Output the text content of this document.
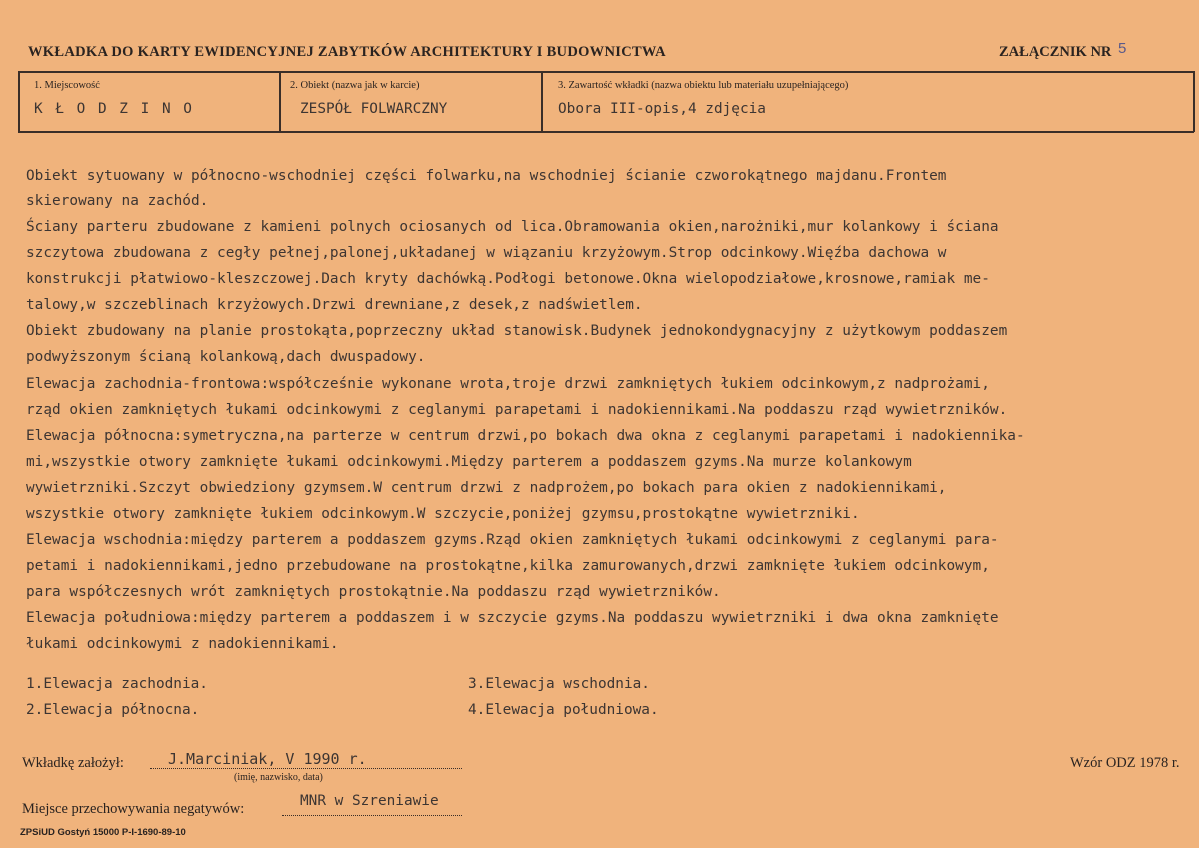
WKŁADKA DO KARTY EWIDENCYJNEJ ZABYTKÓW ARCHITEKTURY I BUDOWNICTWA	ZAŁĄCZNIK NR 5
1. Miejscowość
K Ł O D Z I N O
2. Obiekt (nazwa jak w karcie)
ZESPÓŁ FOLWARCZNY
3. Zawartość wkładki (nazwa obiektu lub materiału uzupełniającego)
Obora III-opis,4 zdjęcia
Obiekt sytuowany w północno-wschodniej części folwarku,na wschodniej ścianie czworokątnego majdanu.Frontem
skierowany na zachód.
Ściany parteru zbudowane z kamieni polnych ociosanych od lica.Obramowania okien,narożniki,mur kolankowy i ściana
szczytowa zbudowana z cegły pełnej,palonej,układanej w wiązaniu krzyżowym.Strop odcinkowy.Więźba dachowa w
konstrukcji płatwiowo-kleszczowej.Dach kryty dachówką.Podłogi betonowe.Okna wielopodziałowe,krosnowe,ramiak me-
talowy,w szczeblinach krzyżowych.Drzwi drewniane,z desek,z nadświetlem.
Obiekt zbudowany na planie prostokąta,poprzeczny układ stanowisk.Budynek jednokondygnacyjny z użytkowym poddaszem
podwyższonym ścianą kolankową,dach dwuspadowy.
Elewacja zachodnia-frontowa:współcześnie wykonane wrota,troje drzwi zamkniętych łukiem odcinkowym,z nadprożami,
rząd okien zamkniętych łukami odcinkowymi z ceglanymi parapetami i nadokiennikami.Na poddaszu rząd wywietrzników.
Elewacja północna:symetryczna,na parterze w centrum drzwi,po bokach dwa okna z ceglanymi parapetami i nadokiennika-
mi,wszystkie otwory zamknięte łukami odcinkowymi.Między parterem a poddaszem gzyms.Na murze kolankowym
wywietrzniki.Szczyt obwiedziony gzymsem.W centrum drzwi z nadprożem,po bokach para okien z nadokiennikami,
wszystkie otwory zamknięte łukiem odcinkowym.W szczycie,poniżej gzymsu,prostokątne wywietrzniki.
Elewacja wschodnia:między parterem a poddaszem gzyms.Rząd okien zamkniętych łukami odcinkowymi z ceglanymi para-
petami i nadokiennikami,jedno przebudowane na prostokątne,kilka zamurowanych,drzwi zamknięte łukiem odcinkowym,
para współczesnych wrót zamkniętych prostokątnie.Na poddaszu rząd wywietrzników.
Elewacja południowa:między parterem a poddaszem i w szczycie gzyms.Na poddaszu wywietrzniki i dwa okna zamknięte
łukami odcinkowymi z nadokiennikami.
1.Elewacja zachodnia.
2.Elewacja północna.
3.Elewacja wschodnia.
4.Elewacja południowa.
Wkładkę założył:	J.Marciniak, V 1990 r.
(imię, nazwisko, data)
Wzór ODZ 1978 r.
Miejsce przechowywania negatywów:	MNR w Szreniawie
ZPSiUD Gostyń 15000 P-I-1690-89-10
